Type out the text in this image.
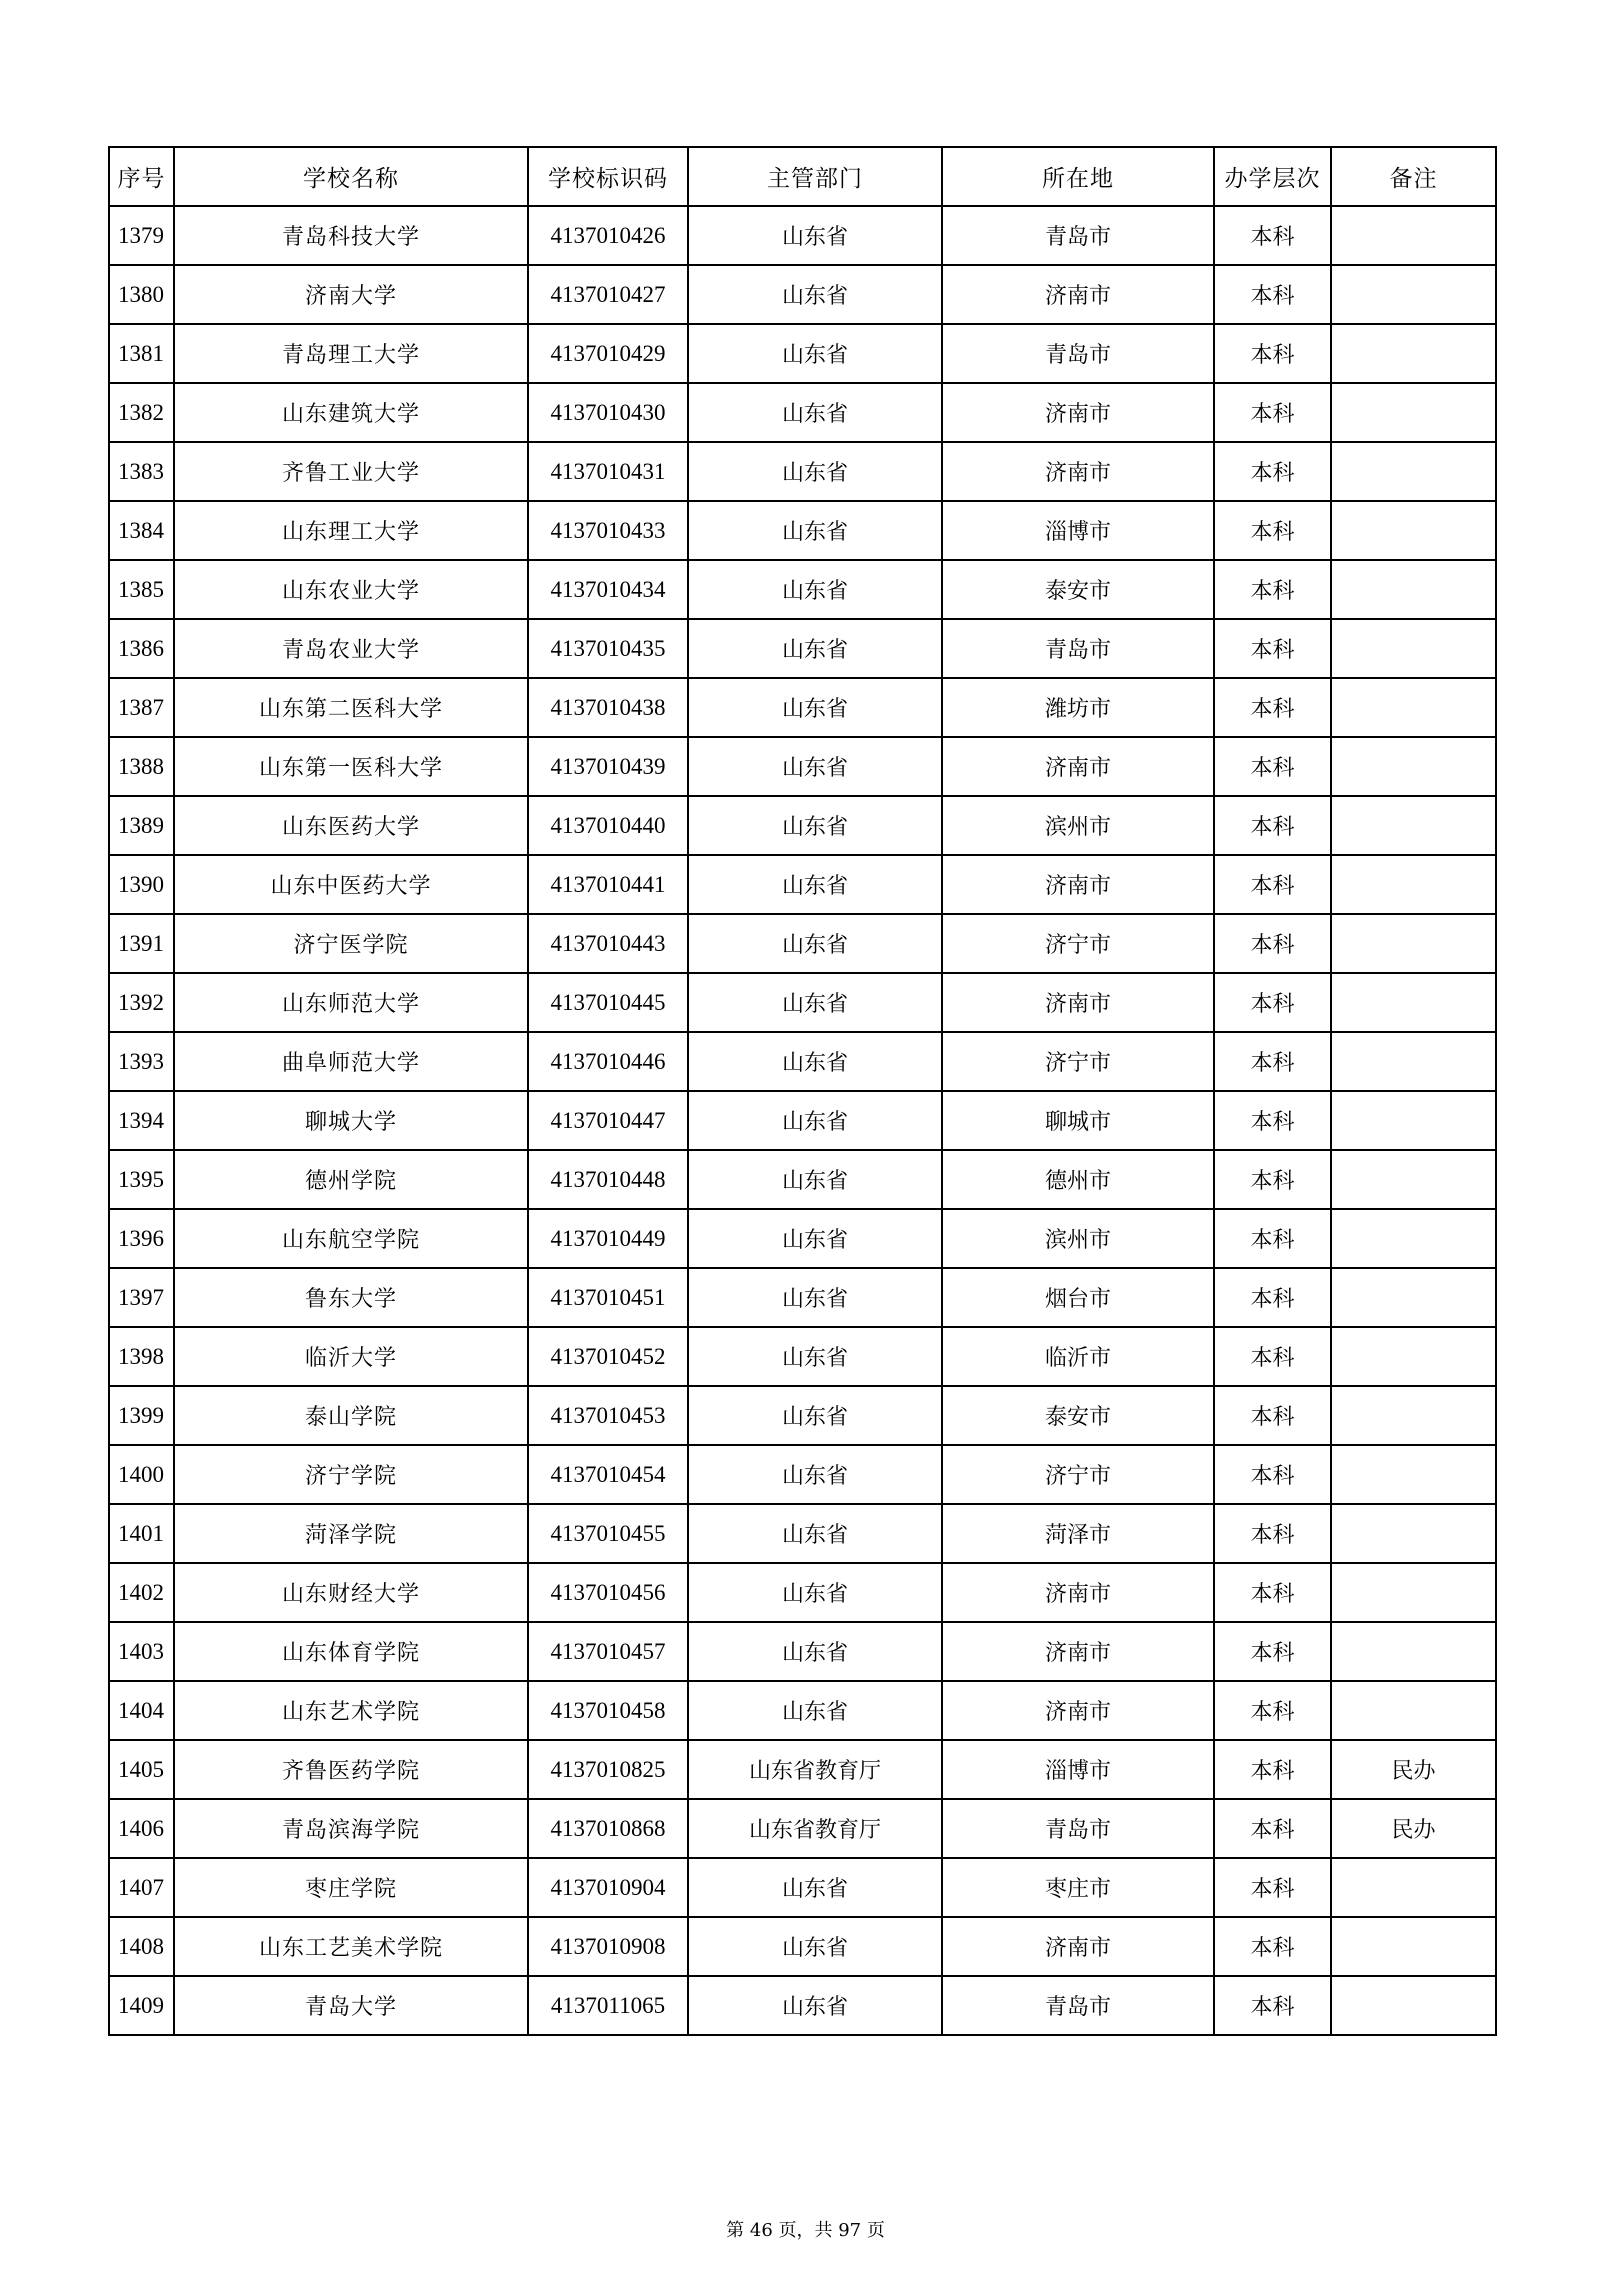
序号	学校名称	学校标识码	主管部门	所在地	办学层次	备注
1379	青岛科技大学	4137010426	山东省	青岛市	本科	
1380	济南大学	4137010427	山东省	济南市	本科	
1381	青岛理工大学	4137010429	山东省	青岛市	本科	
1382	山东建筑大学	4137010430	山东省	济南市	本科	
1383	齐鲁工业大学	4137010431	山东省	济南市	本科	
1384	山东理工大学	4137010433	山东省	淄博市	本科	
1385	山东农业大学	4137010434	山东省	泰安市	本科	
1386	青岛农业大学	4137010435	山东省	青岛市	本科	
1387	山东第二医科大学	4137010438	山东省	潍坊市	本科	
1388	山东第一医科大学	4137010439	山东省	济南市	本科	
1389	山东医药大学	4137010440	山东省	滨州市	本科	
1390	山东中医药大学	4137010441	山东省	济南市	本科	
1391	济宁医学院	4137010443	山东省	济宁市	本科	
1392	山东师范大学	4137010445	山东省	济南市	本科	
1393	曲阜师范大学	4137010446	山东省	济宁市	本科	
1394	聊城大学	4137010447	山东省	聊城市	本科	
1395	德州学院	4137010448	山东省	德州市	本科	
1396	山东航空学院	4137010449	山东省	滨州市	本科	
1397	鲁东大学	4137010451	山东省	烟台市	本科	
1398	临沂大学	4137010452	山东省	临沂市	本科	
1399	泰山学院	4137010453	山东省	泰安市	本科	
1400	济宁学院	4137010454	山东省	济宁市	本科	
1401	菏泽学院	4137010455	山东省	菏泽市	本科	
1402	山东财经大学	4137010456	山东省	济南市	本科	
1403	山东体育学院	4137010457	山东省	济南市	本科	
1404	山东艺术学院	4137010458	山东省	济南市	本科	
1405	齐鲁医药学院	4137010825	山东省教育厅	淄博市	本科	民办
1406	青岛滨海学院	4137010868	山东省教育厅	青岛市	本科	民办
1407	枣庄学院	4137010904	山东省	枣庄市	本科	
1408	山东工艺美术学院	4137010908	山东省	济南市	本科	
1409	青岛大学	4137011065	山东省	青岛市	本科	
第 46 页，共 97 页
